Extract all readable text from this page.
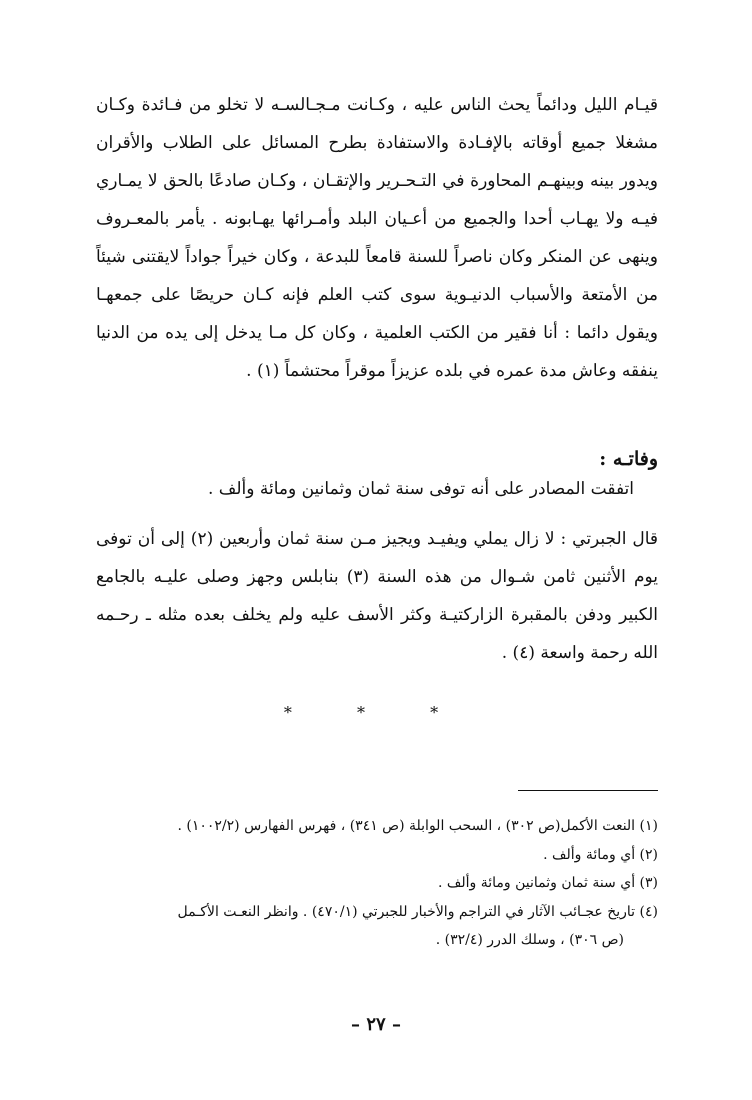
قيـام الليل ودائماً يحث الناس عليه ، وكـانت مـجـالسـه لا تخلو من فـائدة وكـان مشغلا جميع أوقاته بالإفـادة والاستفادة بطرح المسائل على الطلاب والأقران ويدور بينه وبينهـم المحاورة في التـحـرير والإتقـان ، وكـان صادعًا بالحق لا يمـاري فيـه ولا يهـاب أحدا والجميع من أعـيان البلد وأمـرائها يهـابونه . يأمر بالمعـروف وينهى عن المنكر وكان ناصراً للسنة قامعاً للبدعة ، وكان خيراً جواداً لايقتنى شيئاً من الأمتعة والأسباب الدنيـوية سوى كتب العلم فإنه كـان حريصًا على جمعهـا ويقول دائما : أنا فقير من الكتب العلمية ، وكان كل مـا يدخل إلى يده من الدنيا ينفقه وعاش مدة عمره في بلده عزيزاً موقراً محتشماً (١) .

وفاتـه :
اتفقت المصادر على أنه توفى سنة ثمان وثمانين ومائة وألف .

قال الجبرتي : لا زال يملي ويفيـد ويجيز مـن سنة ثمان وأربعين (٢) إلى أن توفى يوم الأثنين ثامن شـوال من هذه السنة (٣) بنابلس وجهز وصلى عليـه بالجامع الكبير ودفن بالمقبرة الزاركتيـة وكثر الأسف عليه ولم يخلف بعده مثله ـ رحـمه الله رحمة واسعة (٤) .

* * *

(١) النعت الأكمل(ص ٣٠٢) ، السحب الوابلة (ص ٣٤١) ، فهرس الفهارس (١٠٠٢/٢) .

(٢) أي ومائة وألف .

(٣) أي سنة ثمان وثمانين ومائة وألف .

(٤) تاريخ عجـائب الآثار في التراجم والأخبار للجبرتي (٤٧٠/١) . وانظر النعـت الأكـمل

(ص ٣٠٦) ، وسلك الدرر (٣٢/٤) .

– ٢٧ –
